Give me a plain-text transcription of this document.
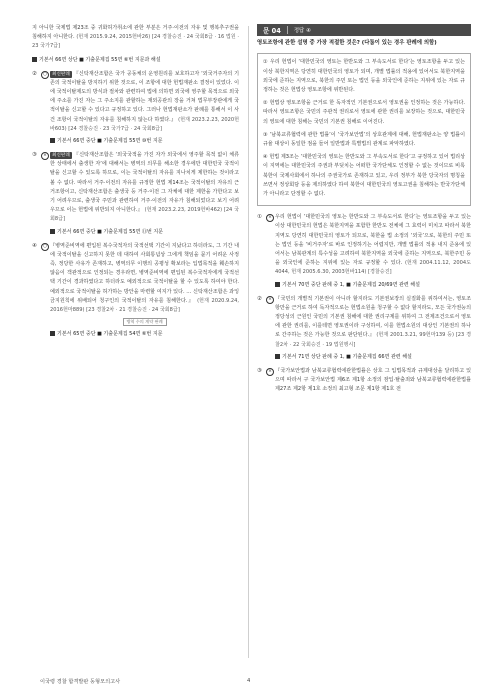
지 아니한 국제법 제23조 중 귀화허가취소에 관한 부분은 거주·이전의 자유 및 행복추구권을 침해하지 아니한다. (헌재 2015.9.24, 2015헌바26) [24 경찰승진 · 24 국회8급 · 16 법원 · 23 국가7급]

기본서 66면 상단 ■ 기출문제집 55면 ⑥번 지문과 해설
②	○	최신판례 『신탁재산조합은 국가 공동체의 운영원리를 보호하고자 ‘외국거주자의 기존의 국적이탈을 방지하기 위한 것으로, 이 조항에 대한 헌법재판소 결정이 있었다. 이에 국적이탈제도의 방식과 절차와 관련하여 법에 의하면 외국에 영주할 목적으로 외국에 주소를 가진 자는 그 주소지를 관할하는 재외공관의 장을 거쳐 법무부장관에게 국적이탈을 신고할 수 있다고 규정하고 있다. 그러나 헌법재판소가 판례를 통해서 이 사건 조항이 국적이탈의 자유를 침해하지 않는다 하였다.』 (헌재 2023.2.23, 2020헌바603) [24 경찰승진 · 23 국가7급 · 24 국회8급]

기본서 66면 중단 ■ 기출문제집 55면 ⑩번 지문
③	×	최신판례 『신탁재산조합은 ‘외국국적을 가진 자가 외국에서 영주할 목적 없이 체류한 상태에서 출생한 자’에 대해서는 병역의 의무를 해소한 경우에만 대한민국 국적이탈을 신고할 수 있도록 하므로, 이는 국적이탈의 자유를 지나치게 제한하는 것이라고 볼 수 없다. 따라서 거주·이전의 자유를 규정한 헌법 제14조는 국적이탈의 자유의 근거조항이고, 신탁재산조합은 출생국 등 거주·이전 그 자체에 대한 제한을 가한다고 보기 어려우므로, 출생국 주민과 관련하여 거주·이전의 자유가 침해되었다고 보기 어려우므로 이는 헌법에 위반되지 아니한다.』 (헌재 2023.2.23, 2019헌바462) [24 국회8급]

기본서 66면 중단 ■ 기출문제집 55면 ⑪번 지문
④	○ 『병역준비역에 편입된 복수국적자의 국적선택 기간이 지났다고 하더라도, 그 기간 내에 국적이탈을 신고하지 못한 데 대하여 사회통념상 그에게 책임을 묻기 어려운 사정 즉, 정당한 사유가 존재하고, 병역의무 이행의 공평성 확보라는 입법목적을 훼손하지 않음이 객관적으로 인정되는 경우라면, 병역준비역에 편입된 복수국적자에게 국적선택 기간이 경과하였다고 하더라도 예외적으로 국적이탈을 할 수 있도록 하여야 한다. 예외적으로 국적이탈을 허가하는 방안을 마련할 여지가 있다. … 신탁재산조합은 과잉금지원칙에 위배되어 청구인의 국적이탈의 자유를 침해한다.』 (헌재 2020.9.24, 2016헌마889) [23 경찰2차 · 21 경찰승진 · 24 국회8급]

병역 수의 계약 판례
기본서 65면 중단 ■ 기출문제집 54면 ⑥번 지문
문 04	정답 ④
영토조항에 관한 설명 중 가장 적절한 것은? (다툼이 있는 경우 판례에 의함)

① 우리 헌법이 ‘대한민국의 영토는 한반도와 그 부속도서로 한다’는 영토조항을 두고 있는 이상 북한지역은 당연히 대한민국의 영토가 되며, 개별 법률의 적용에 있어서도 북한지역을 외국에 준하는 지역으로, 북한의 주민 또는 법인 등을 외국인에 준하는 지위에 있는 자로 규정하는 것은 헌법상 영토조항에 위반된다.

② 헌법상 영토조항을 근거로 한 독자적인 기본권으로서 영토권을 인정하는 것은 가능하다. 따라서 영토조항은 국민의 주관적 권리로서 영토에 관한 권리를 보장하는 것으로, 대한민국의 영토에 대한 침해는 국민의 기본권 침해로 이어진다.

③ ‘남북교류협력에 관한 법률’이 ‘국가보안법’의 상호관계에 대해, 헌법재판소는 양 법률이 규율 대상이 동일한 점을 들어 일반법과 특별법의 관계로 파악하였다.

④ 헌법 제3조는 ‘대한민국의 영토는 한반도와 그 부속도서로 한다’고 규정하고 있어 법리상 이 지역에는 대한민국의 주권과 부딪치는 어떠한 국가단체도 인정할 수 없는 것이므로 비록 북한이 국제사회에서 하나의 주권국가로 존재하고 있고, 우리 정부가 북한 당국자의 명칭을 쓰면서 정상회담 등을 제의하였다 하여 북한이 대한민국의 영토고권을 침해하는 반국가단체가 아니라고 단정할 수 없다.

①	× 우리 헌법이 ‘대한민국의 영토는 한반도와 그 부속도서로 한다’는 영토조항을 두고 있는 이상 대한민국의 헌법은 북한지역을 포함한 한반도 전체에 그 효력이 미치고 따라서 북한지역도 당연히 대한민국의 영토가 되므로, 북한을 법 소정의 ‘외국’으로, 북한의 주민 또는 법인 등을 ‘비거주자’로 바로 인정하기는 어렵지만, 개별 법률의 적용 내지 준용에 있어서는 남북관계의 특수성을 고려하여 북한지역을 외국에 준하는 지역으로, 북한주민 등을 외국인에 준하는 지위에 있는 자로 규정할 수 있다. (헌재 2004.11.12, 2004도4044, 헌재 2005.6.30, 2003헌바114) [경찰승진]

기본서 70면 중단 판례 중 1, ■ 기출문제집 20/69면 관련 해설
②	× 『국민의 개별적 기본권이 아니라 할지라도 기본권보장의 실질화를 위하여서는, 영토조항만을 근거로 하여 독자적으로는 헌법소원을 청구할 수 없다 할지라도, 모든 국가권능의 정당성의 근원인 국민의 기본권 침해에 대한 권리구제를 위하여 그 전제조건으로서 영토에 관한 권리를, 이를테면 영토권이라 구성하여, 이를 헌법소원의 대상인 기본권의 하나로 간주하는 것은 가능한 것으로 판단된다.』 (헌재 2001.3.21, 99헌마139 등) [23 경찰2차 · 22 국회승진 · 19 법원행시]

기본서 71면 상단 판례 중 1, ■ 기출문제집 66면 관련 해설
③	× 『국가보안법과 남북교류협력에관한법률은 상호 그 입법목적과 규제대상을 달리하고 있으며 따라서 구 국가보안법 제6조 제1항 소정의 잠입·탈출죄와 남북교류협력에관한법률 제27조 제2항 제1호 소정의 최고형 조문 제1항 제1호 전

이국령 경찰 합격발판 동형모의고사	4
